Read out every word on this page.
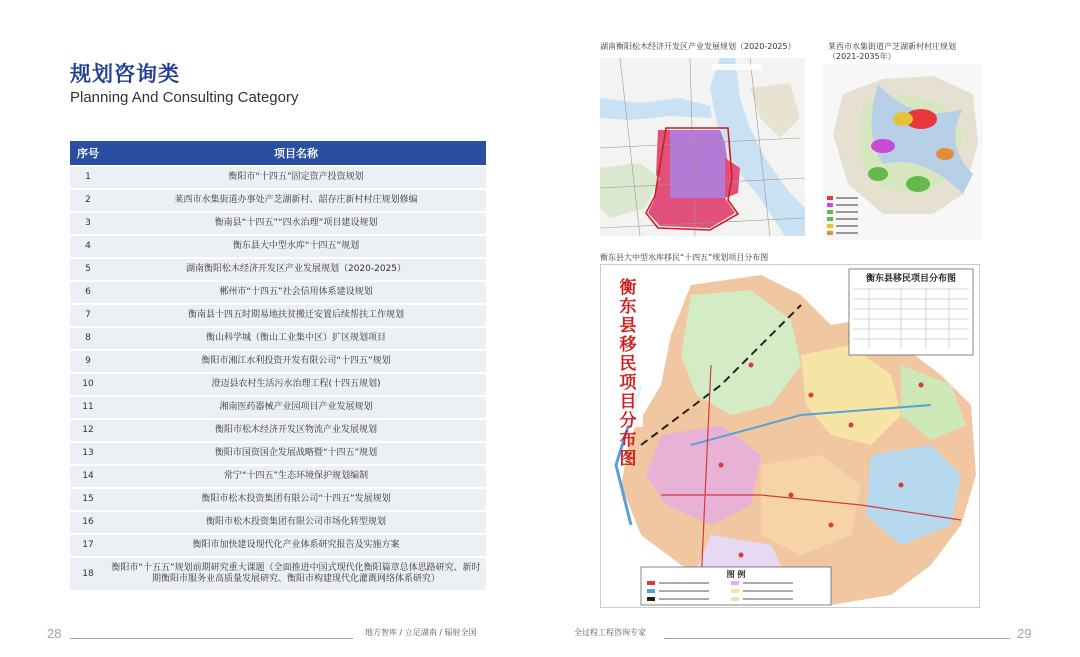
规划咨询类
Planning And Consulting Category
序号	项目名称
1	衡阳市“十四五”固定资产投资规划
2	莱西市水集街道办事处产芝湖新村、韶存庄新村村庄规划修编
3	衡南县“十四五”“四水治理”项目建设规划
4	衡东县大中型水库“十四五”规划
5	湖南衡阳松木经济开发区产业发展规划（2020-2025）
6	郴州市“十四五”社会信用体系建设规划
7	衡南县十四五时期易地扶贫搬迁安置后续帮扶工作规划
8	衡山科学城（衡山工业集中区）扩区规划项目
9	衡阳市湘江水利投资开发有限公司“十四五”规划
10	澄迈县农村生活污水治理工程(十四五规划)
11	湘南医药器械产业园项目产业发展规划
12	衡阳市松木经济开发区物流产业发展规划
13	衡阳市国资国企发展战略暨“十四五”规划
14	常宁“十四五”生态环境保护规划编制
15	衡阳市松木投资集团有限公司“十四五”发展规划
16	衡阳市松木投资集团有限公司市场化转型规划
17	衡阳市加快建设现代化产业体系研究报告及实施方案
18	衡阳市“十五五”规划前期研究重大课题（全面推进中国式现代化衡阳篇章总体思路研究、新时期衡阳市服务业高质量发展研究、衡阳市构建现代化灌溉网络体系研究）
湖南衡阳松木经济开发区产业发展规划（2020-2025）	莱西市水集街道产芝湖新村村庄规划
（2021-2035年）
衡东县大中型水库移民“十四五”规划项目分布图
衡东县移民项目分布图
衡东县移民项目分布图
图 例
28	地方智库 / 立足湖南 / 辐射全国	全过程工程咨询专家	29
